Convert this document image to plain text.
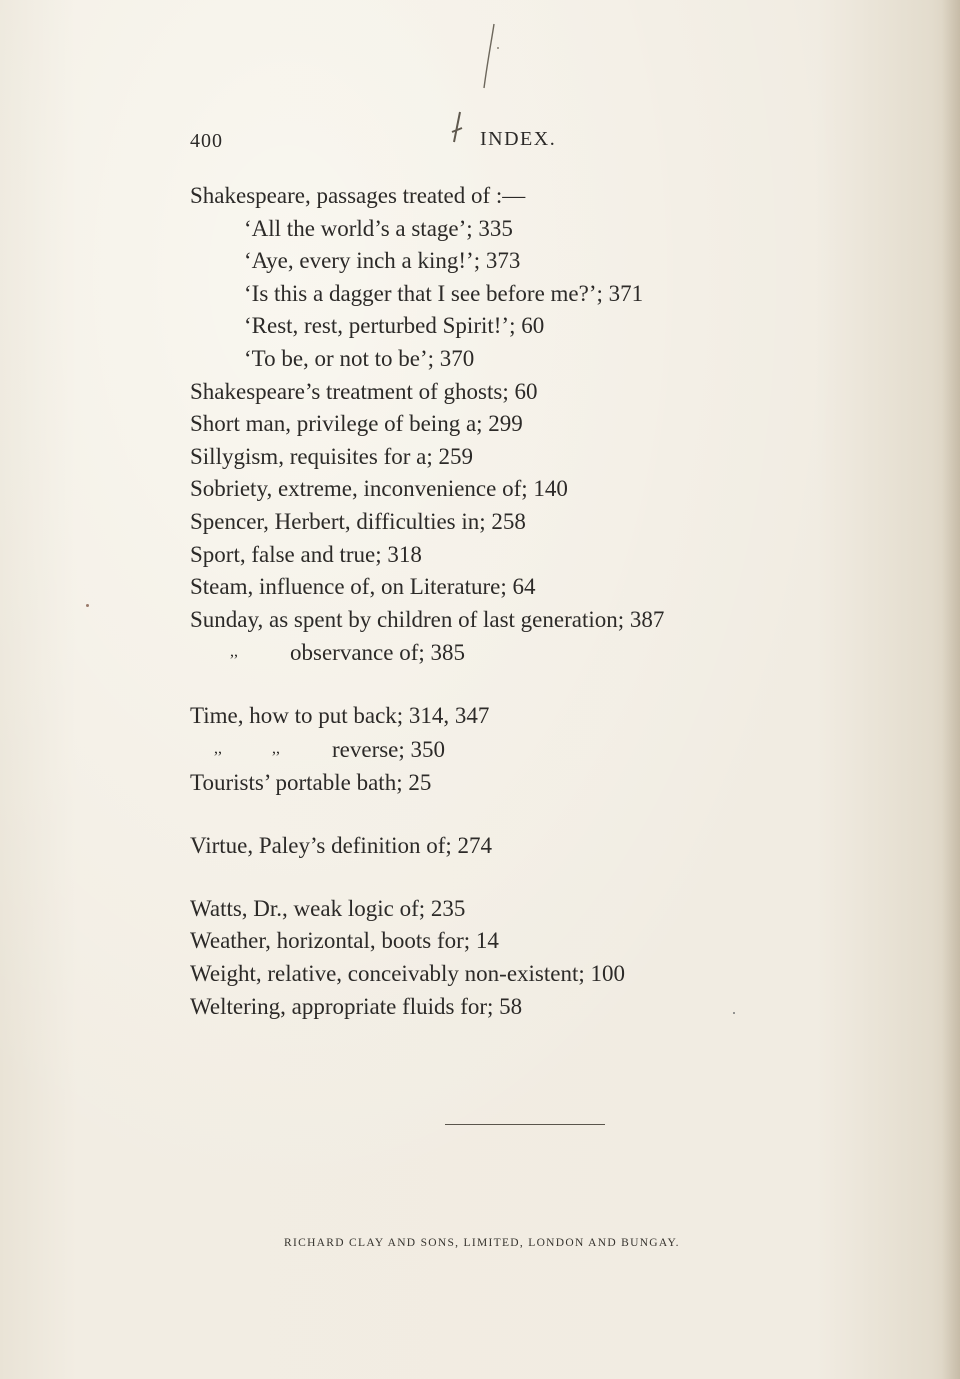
400	INDEX.
Shakespeare, passages treated of :—
‘All the world’s a stage’; 335
‘Aye, every inch a king!’; 373
‘Is this a dagger that I see before me?’; 371
‘Rest, rest, perturbed Spirit!’; 60
‘To be, or not to be’; 370
Shakespeare’s treatment of ghosts; 60
Short man, privilege of being a; 299
Sillygism, requisites for a; 259
Sobriety, extreme, inconvenience of; 140
Spencer, Herbert, difficulties in; 258
Sport, false and true; 318
Steam, influence of, on Literature; 64
Sunday, as spent by children of last generation; 387
,, observance of; 385
Time, how to put back; 314, 347
,,	,, reverse; 350
Tourists’ portable bath; 25
Virtue, Paley’s definition of; 274
Watts, Dr., weak logic of; 235
Weather, horizontal, boots for; 14
Weight, relative, conceivably non-existent; 100
Weltering, appropriate fluids for; 58
RICHARD CLAY AND SONS, LIMITED, LONDON AND BUNGAY.
